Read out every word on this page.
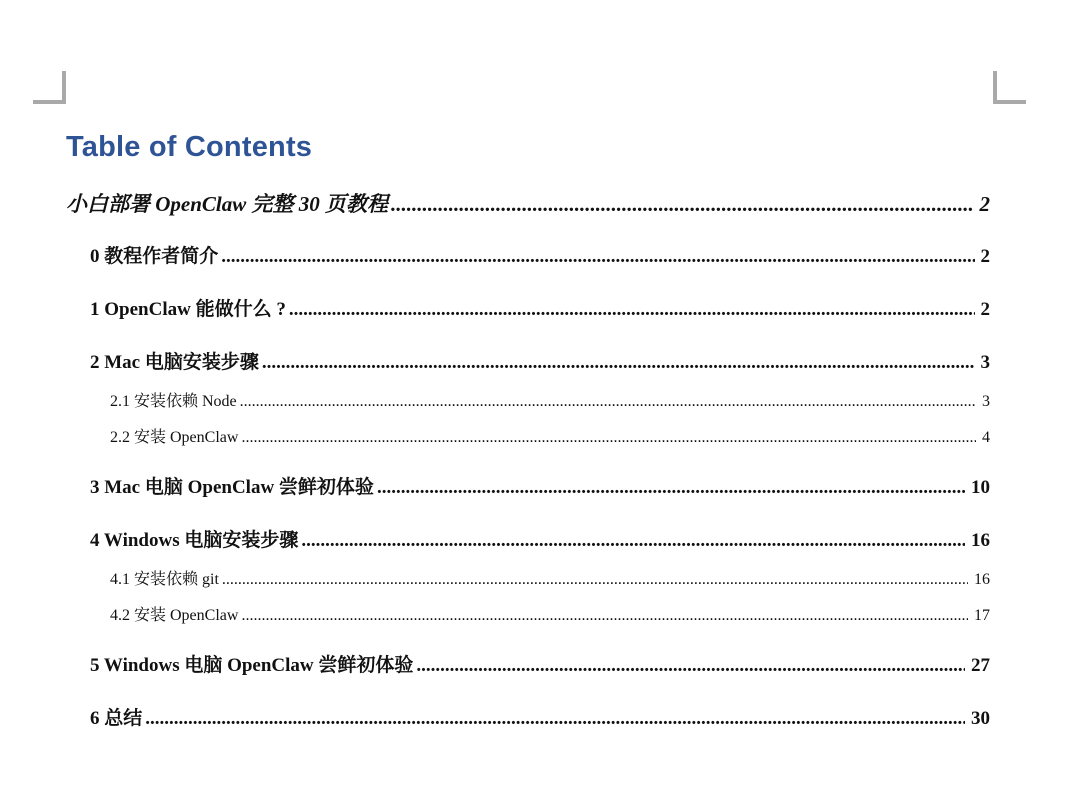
Table of Contents
小白部署 OpenClaw 完整 30 页教程 .....	2
0 教程作者简介 .....	2
1 OpenClaw 能做什么 ? .....	2
2 Mac 电脑安装步骤 .....	3
2.1 安装依赖 Node .....	3
2.2 安装 OpenClaw .....	4
3 Mac 电脑 OpenClaw 尝鲜初体验 .....	10
4 Windows 电脑安装步骤 .....	16
4.1 安装依赖 git .....	16
4.2 安装 OpenClaw .....	17
5 Windows 电脑 OpenClaw 尝鲜初体验 .....	27
6 总结 .....	30
